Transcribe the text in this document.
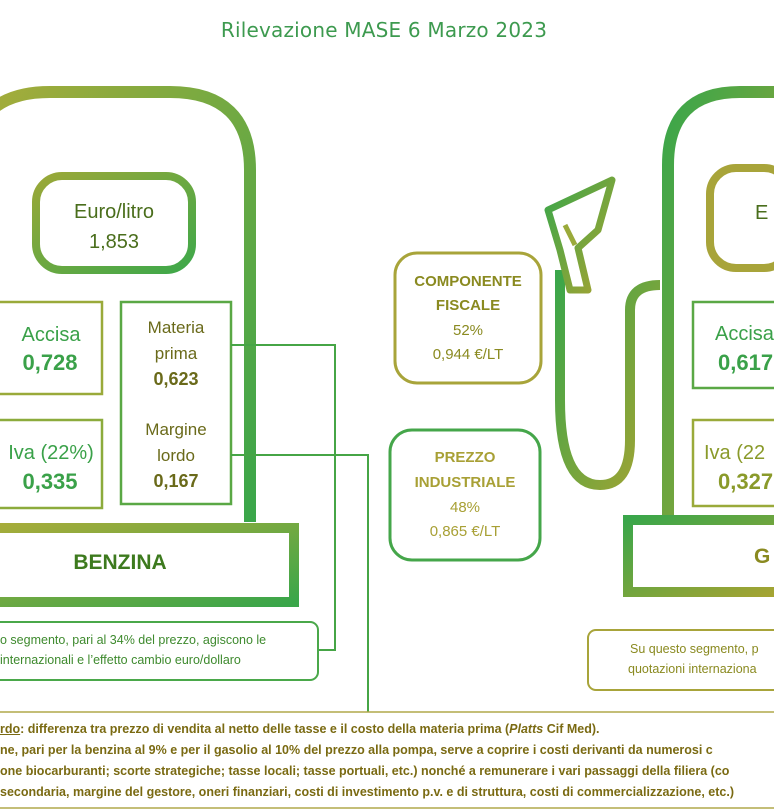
Rilevazione MASE 6 Marzo 2023
Euro/litro
1,853
Accisa
0,728
Iva (22%)
0,335
Materia
prima
0,623
Margine
lordo
0,167
BENZINA
o segmento, pari al 34% del prezzo, agiscono le
internazionali e l’effetto cambio euro/dollaro
COMPONENTE
FISCALE
52%
0,944 €/LT
PREZZO
INDUSTRIALE
48%
0,865 €/LT
E
Accisa
0,617
Iva (22
0,327
G
Su questo segmento, p
quotazioni internaziona
rdo: differenza tra prezzo di vendita al netto delle tasse e il costo della materia prima (Platts Cif Med).
ne, pari per la benzina al 9% e per il gasolio al 10% del prezzo alla pompa, serve a coprire i costi derivanti da numerosi c
one biocarburanti; scorte strategiche; tasse locali; tasse portuali, etc.) nonché a remunerare i vari passaggi della filiera (co
secondaria, margine del gestore, oneri finanziari, costi di investimento p.v. e di struttura, costi di commercializzazione, etc.)
